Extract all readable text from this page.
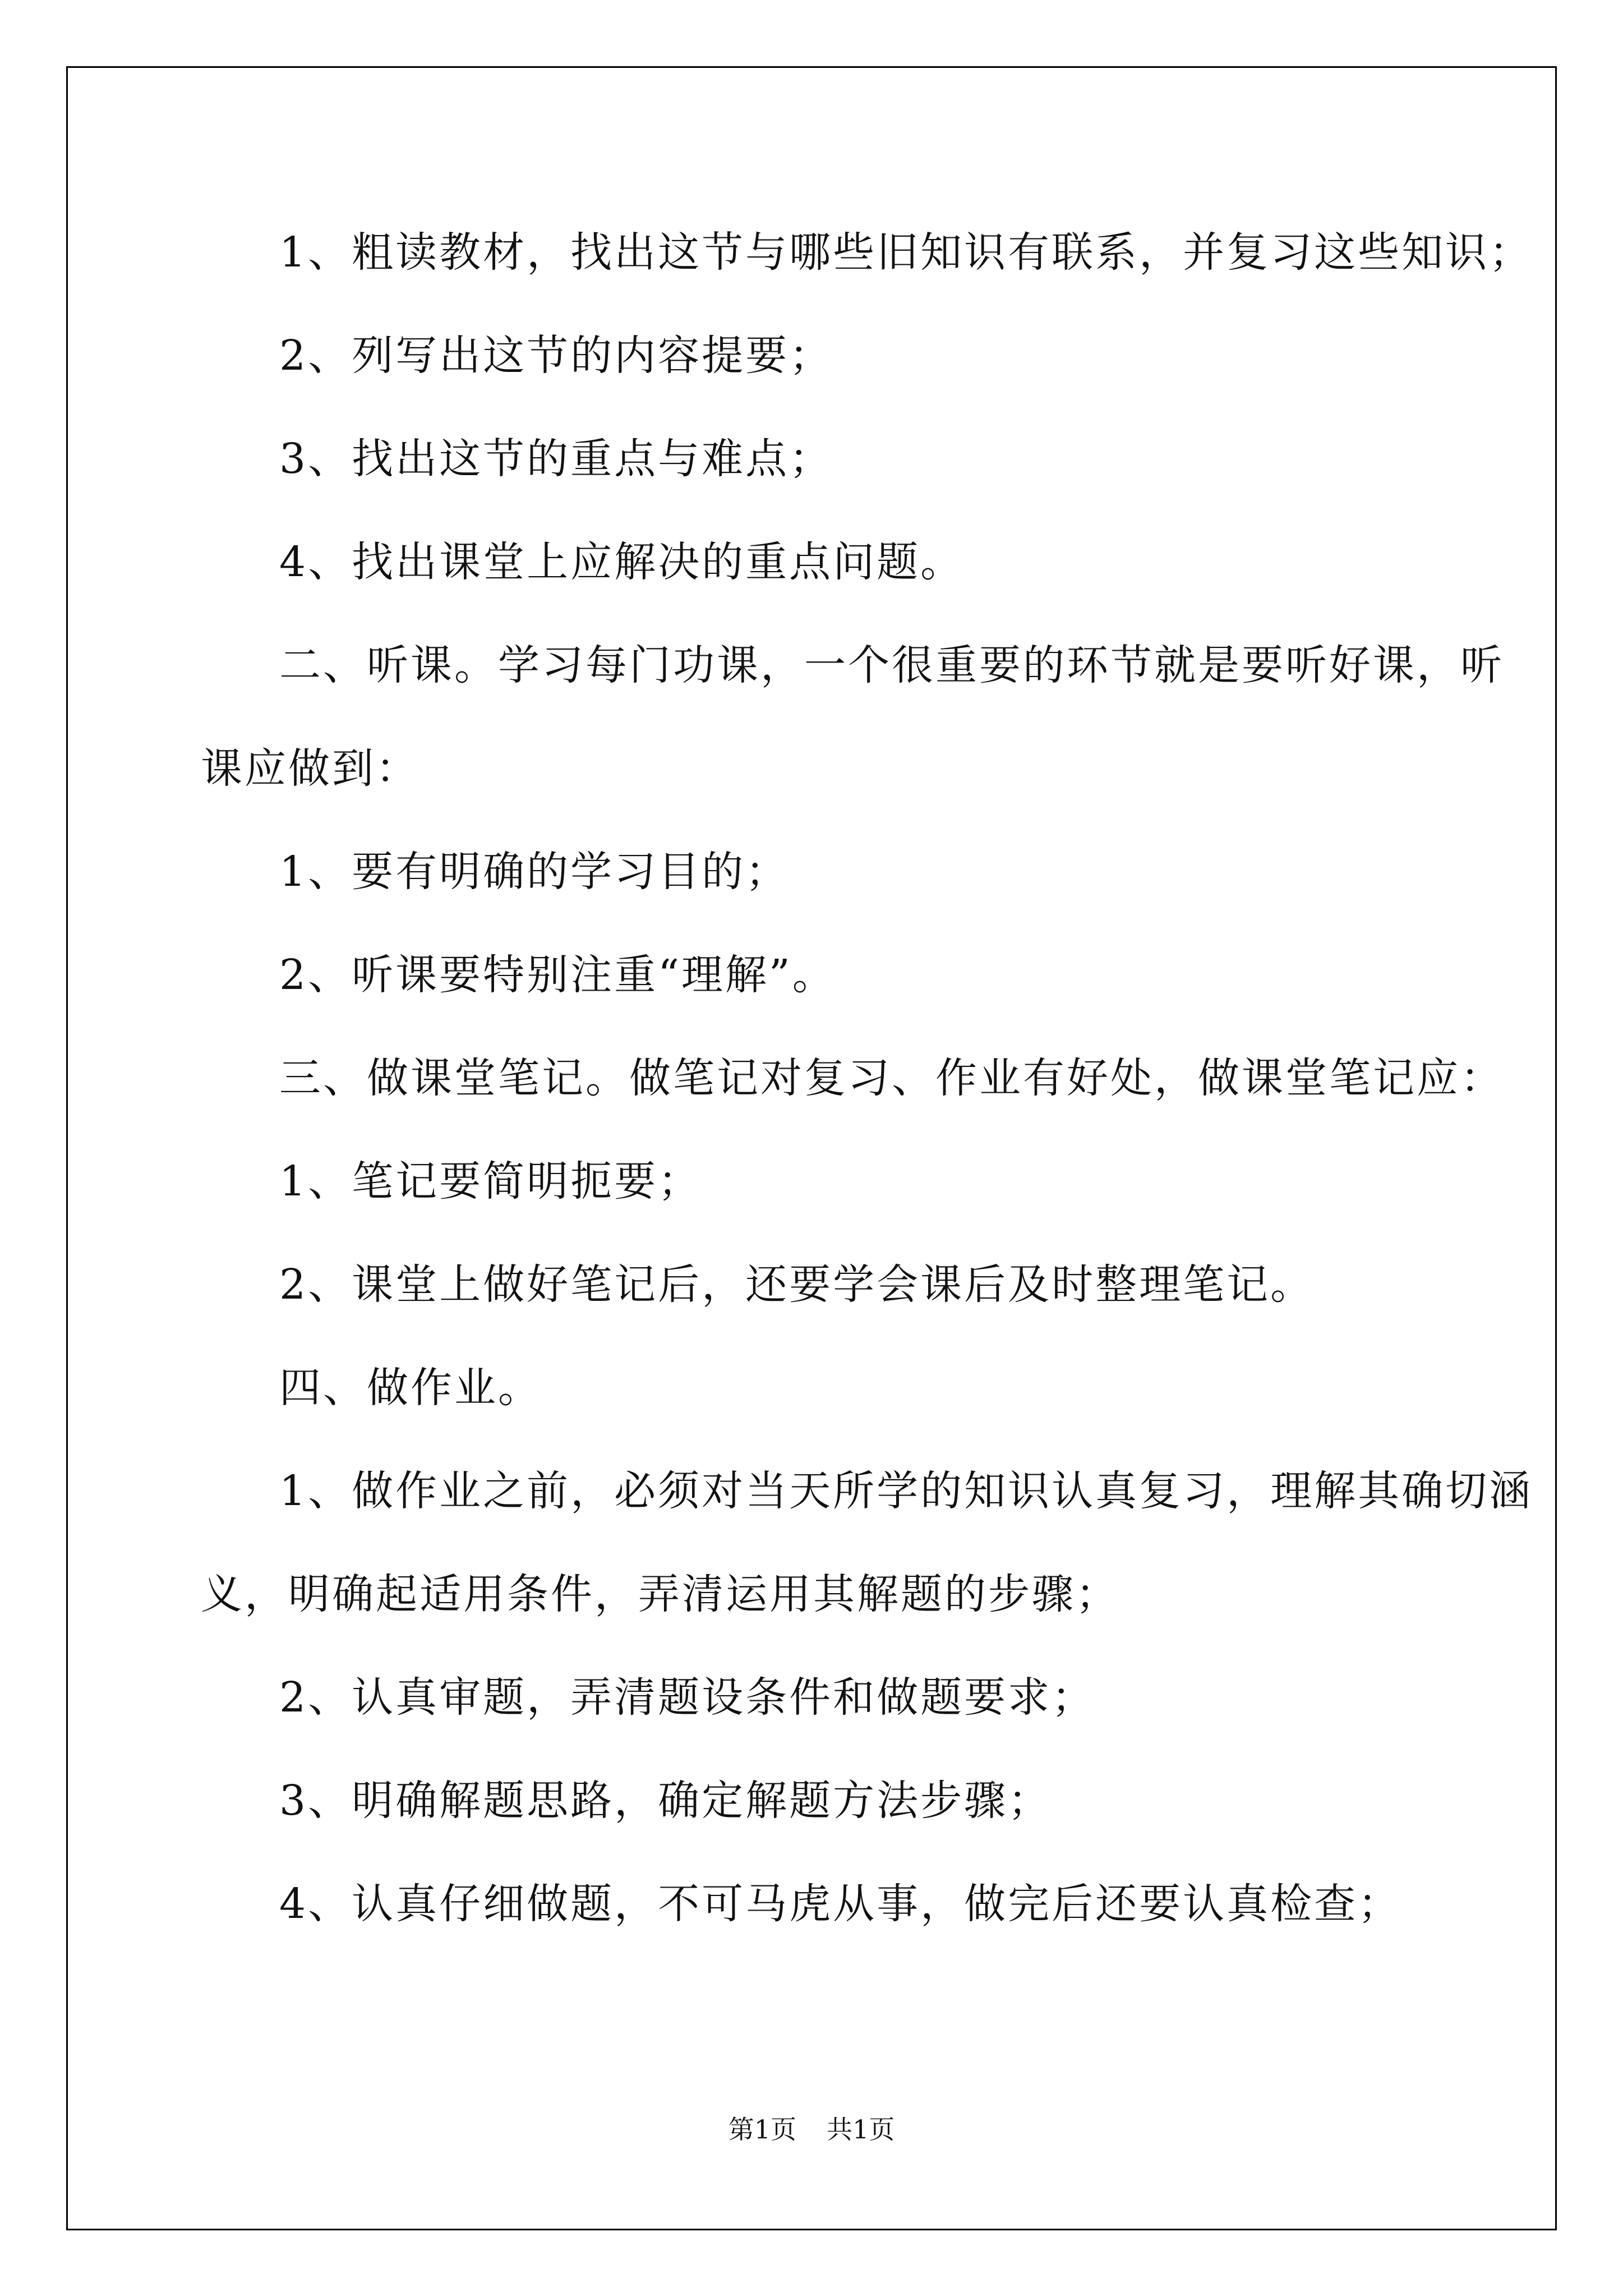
1、粗读教材，找出这节与哪些旧知识有联系，并复习这些知识；

2、列写出这节的内容提要；

3、找出这节的重点与难点；

4、找出课堂上应解决的重点问题。

二、听课。学习每门功课，一个很重要的环节就是要听好课，听

课应做到：

1、要有明确的学习目的；

2、听课要特别注重“理解”。

三、做课堂笔记。做笔记对复习、作业有好处，做课堂笔记应：

1、笔记要简明扼要；

2、课堂上做好笔记后，还要学会课后及时整理笔记。

四、做作业。

1、做作业之前，必须对当天所学的知识认真复习，理解其确切涵

义，明确起适用条件，弄清运用其解题的步骤；

2、认真审题，弄清题设条件和做题要求；

3、明确解题思路，确定解题方法步骤；

4、认真仔细做题，不可马虎从事，做完后还要认真检查；

第1页 共1页
